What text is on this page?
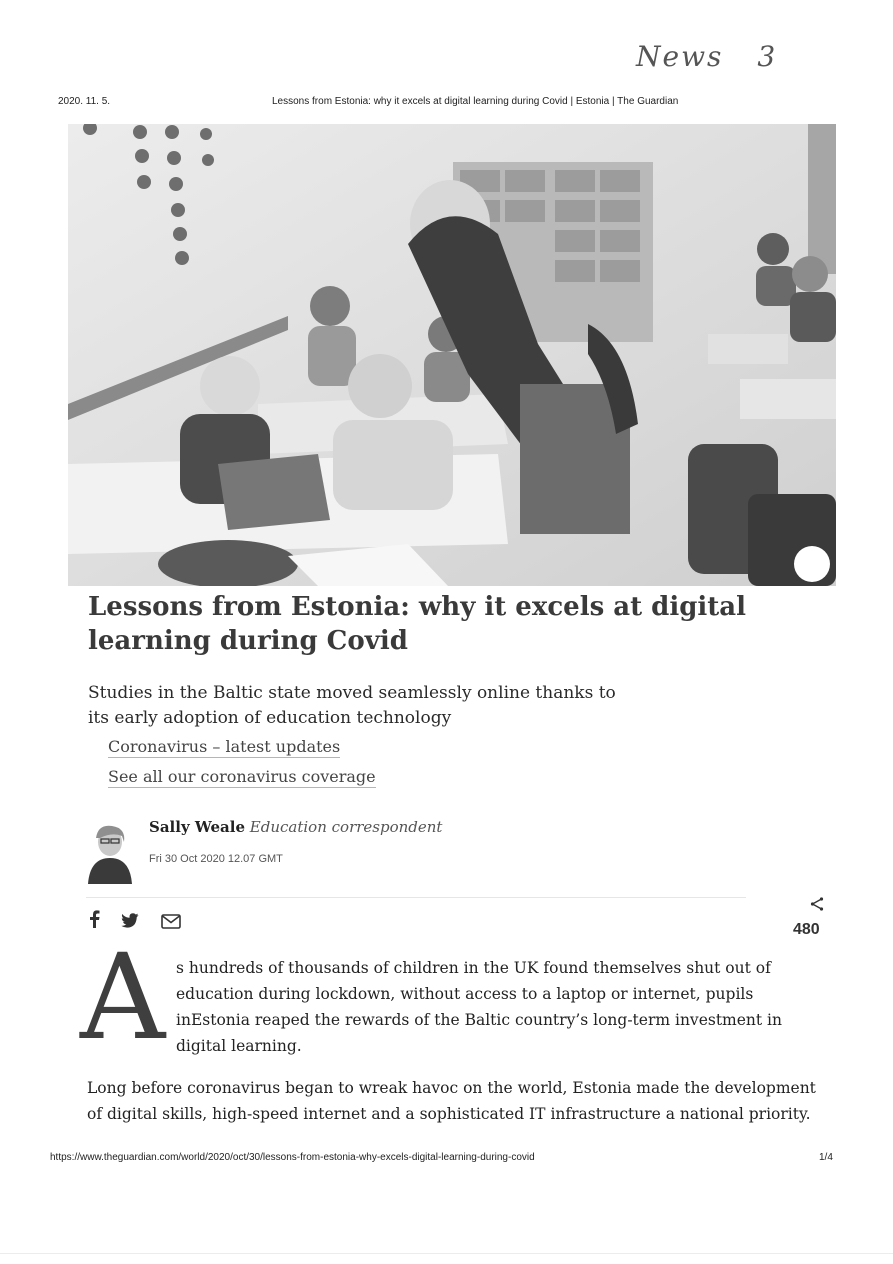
News 3
2020. 11. 5.	Lessons from Estonia: why it excels at digital learning during Covid | Estonia | The Guardian
Lessons from Estonia: why it excels at digital
learning during Covid
Studies in the Baltic state moved seamlessly online thanks to
its early adoption of education technology
Coronavirus – latest updates
See all our coronavirus coverage
Sally Weale Education correspondent
Fri 30 Oct 2020 12.07 GMT
480
A s hundreds of thousands of children in the UK found themselves shut out of
education during lockdown, without access to a laptop or internet, pupils
inEstonia reaped the rewards of the Baltic country’s long-term investment in
digital learning.
Long before coronavirus began to wreak havoc on the world, Estonia made the development
of digital skills, high-speed internet and a sophisticated IT infrastructure a national priority.
https://www.theguardian.com/world/2020/oct/30/lessons-from-estonia-why-excels-digital-learning-during-covid	1/4
